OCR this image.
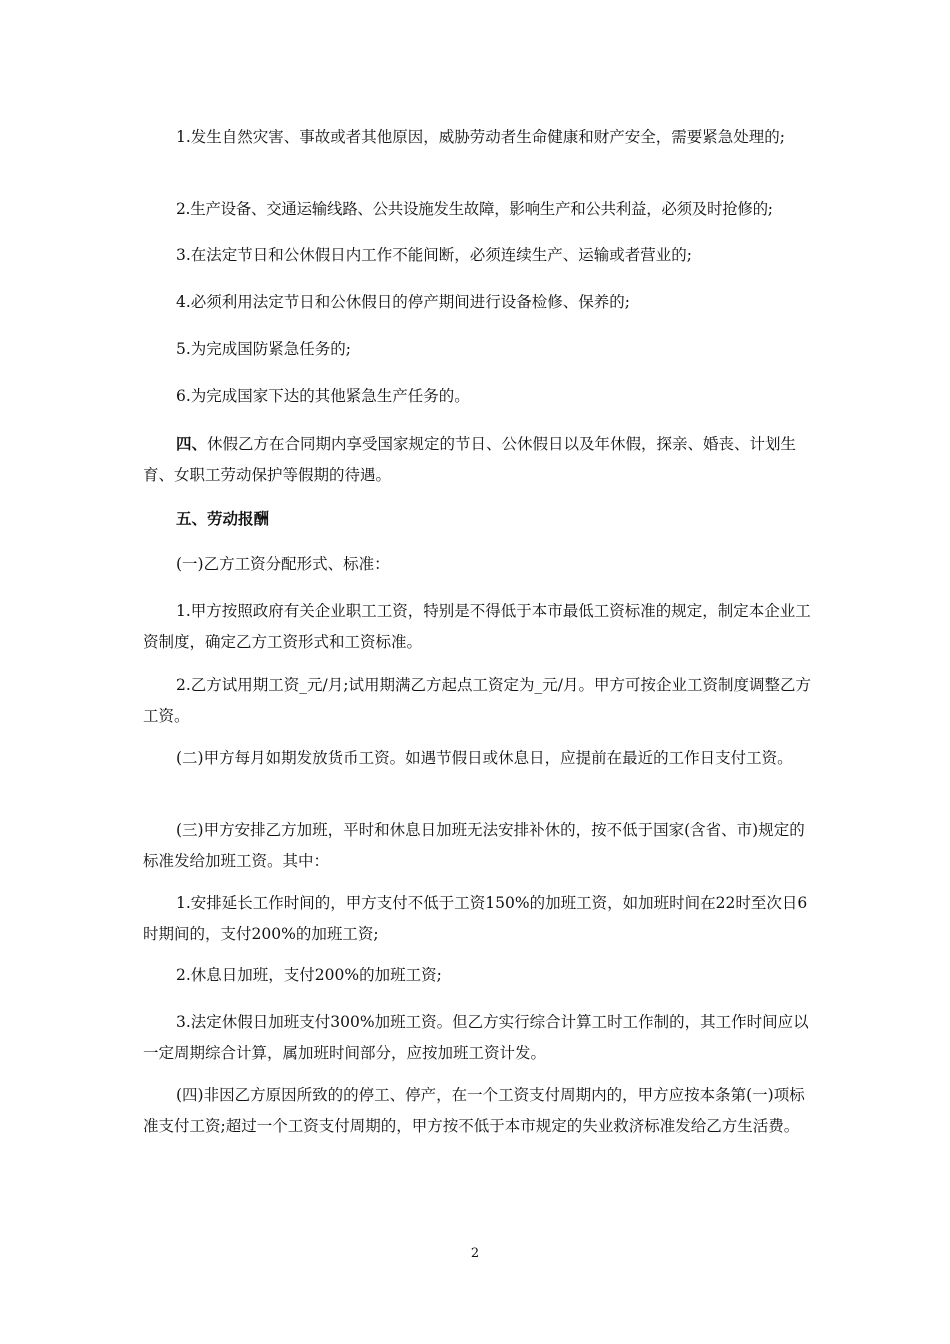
1.发生自然灾害、事故或者其他原因，威胁劳动者生命健康和财产安全，需要紧急处理的;

2.生产设备、交通运输线路、公共设施发生故障，影响生产和公共利益，必须及时抢修的;

3.在法定节日和公休假日内工作不能间断，必须连续生产、运输或者营业的;

4.必须利用法定节日和公休假日的停产期间进行设备检修、保养的;

5.为完成国防紧急任务的;

6.为完成国家下达的其他紧急生产任务的。

四、休假乙方在合同期内享受国家规定的节日、公休假日以及年休假，探亲、婚丧、计划生育、女职工劳动保护等假期的待遇。

五、劳动报酬

(一)乙方工资分配形式、标准：

1.甲方按照政府有关企业职工工资，特别是不得低于本市最低工资标准的规定，制定本企业工资制度，确定乙方工资形式和工资标准。

2.乙方试用期工资_元/月;试用期满乙方起点工资定为_元/月。甲方可按企业工资制度调整乙方工资。

(二)甲方每月如期发放货币工资。如遇节假日或休息日，应提前在最近的工作日支付工资。

(三)甲方安排乙方加班，平时和休息日加班无法安排补休的，按不低于国家(含省、市)规定的标准发给加班工资。其中：

1.安排延长工作时间的，甲方支付不低于工资150%的加班工资，如加班时间在22时至次日6时期间的，支付200%的加班工资;

2.休息日加班，支付200%的加班工资;

3.法定休假日加班支付300%加班工资。但乙方实行综合计算工时工作制的，其工作时间应以一定周期综合计算，属加班时间部分，应按加班工资计发。

(四)非因乙方原因所致的的停工、停产，在一个工资支付周期内的，甲方应按本条第(一)项标准支付工资;超过一个工资支付周期的，甲方按不低于本市规定的失业救济标准发给乙方生活费。

2
